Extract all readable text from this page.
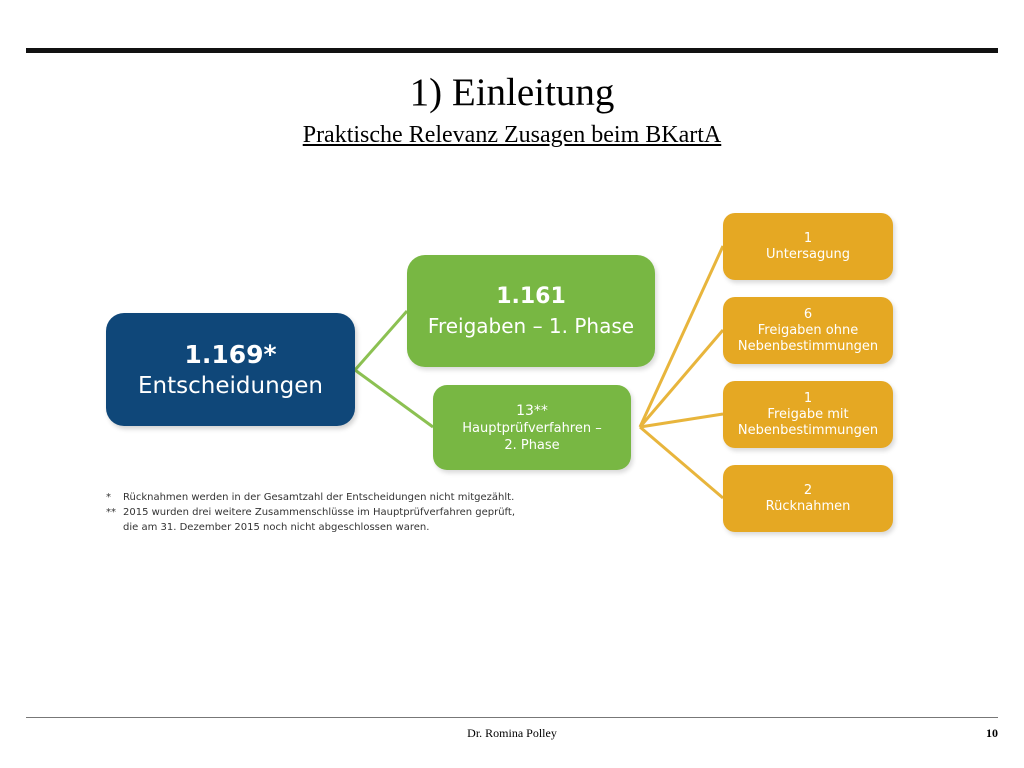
1) Einleitung
Praktische Relevanz Zusagen beim BKartA
1.169*
Entscheidungen
1.161
Freigaben – 1. Phase
13**
Hauptprüfverfahren –
2. Phase
1
Untersagung
6
Freigaben ohne
Nebenbestimmungen
1
Freigabe mit
Nebenbestimmungen
2
Rücknahmen
*	Rücknahmen werden in der Gesamtzahl der Entscheidungen nicht mitgezählt.
** 2015 wurden drei weitere Zusammenschlüsse im Hauptprüfverfahren geprüft,
die am 31. Dezember 2015 noch nicht abgeschlossen waren.
Dr. Romina Polley	10
